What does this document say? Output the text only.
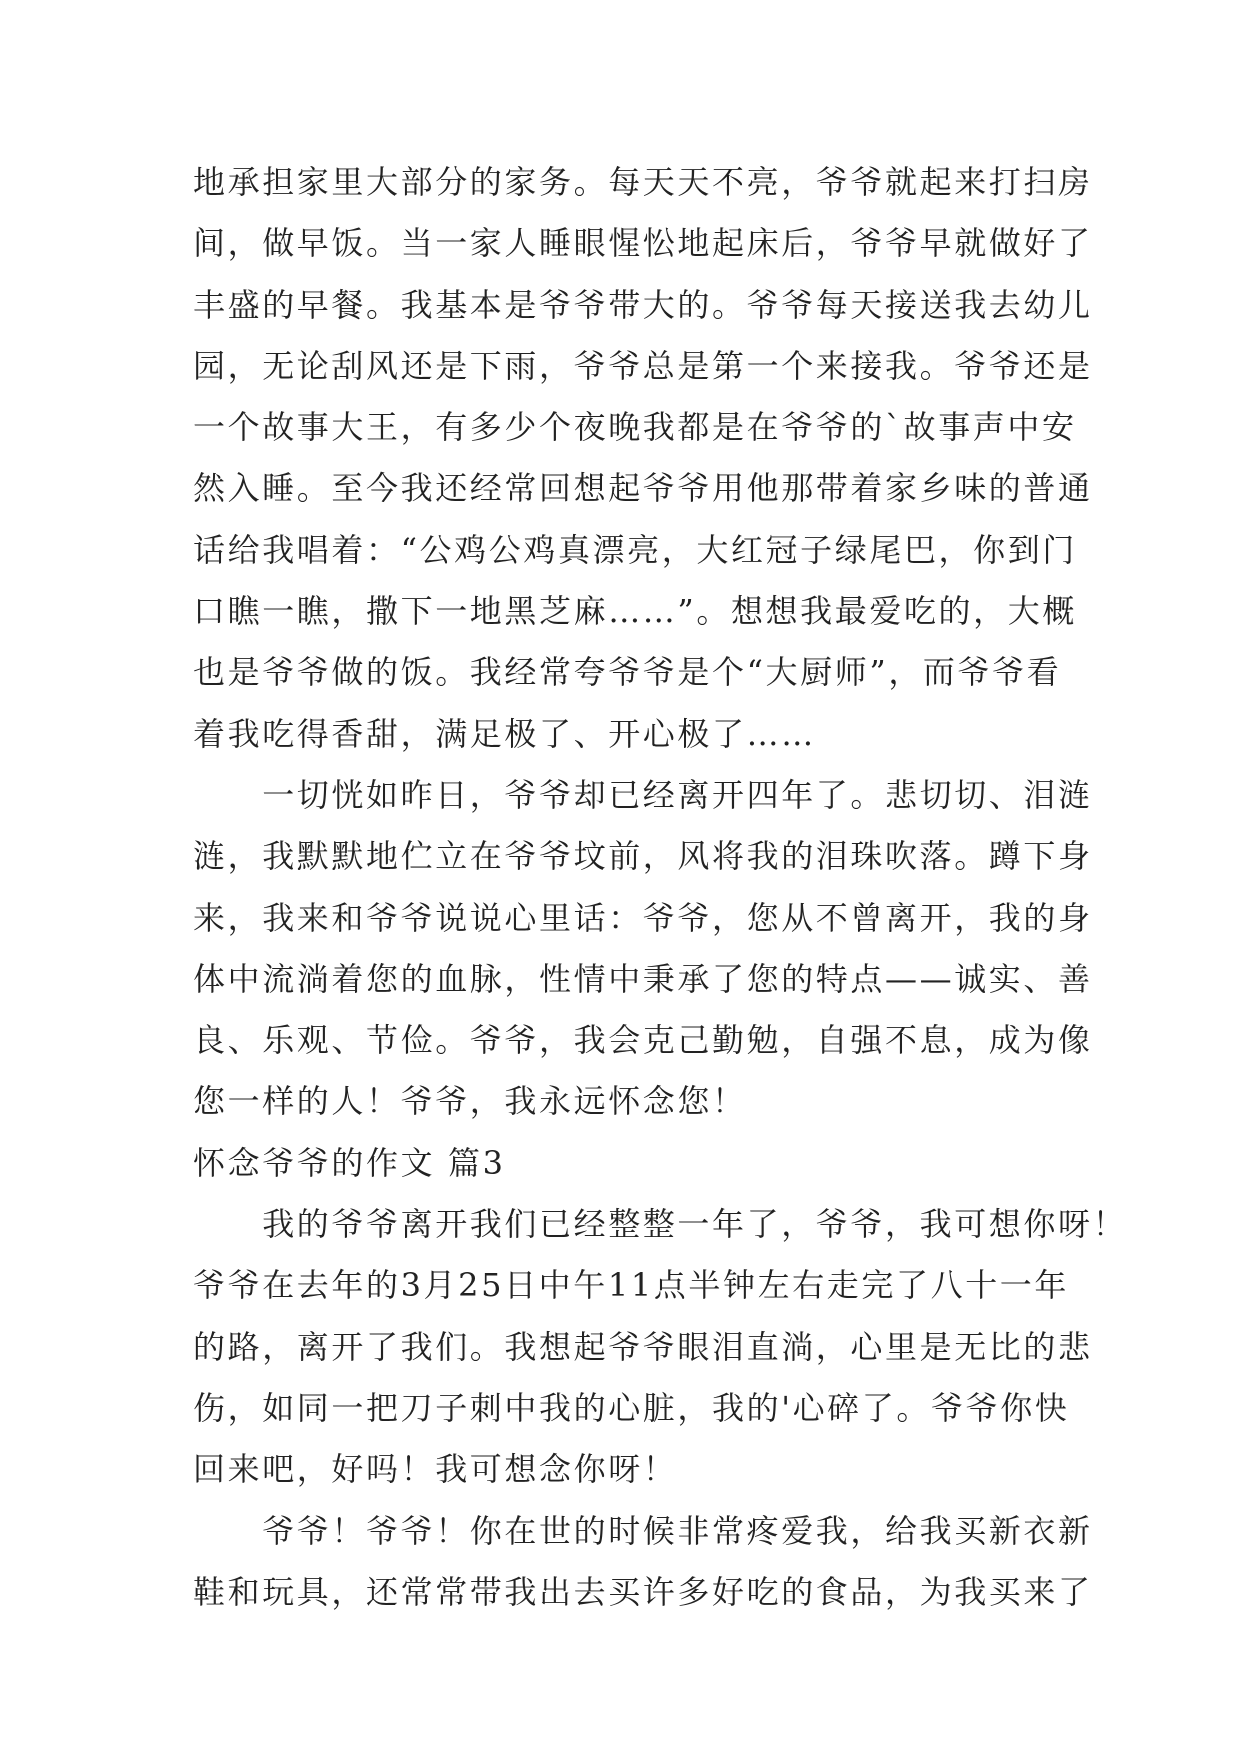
地承担家里大部分的家务。每天天不亮，爷爷就起来打扫房
间，做早饭。当一家人睡眼惺忪地起床后，爷爷早就做好了
丰盛的早餐。我基本是爷爷带大的。爷爷每天接送我去幼儿
园，无论刮风还是下雨，爷爷总是第一个来接我。爷爷还是
一个故事大王，有多少个夜晚我都是在爷爷的`故事声中安
然入睡。至今我还经常回想起爷爷用他那带着家乡味的普通
话给我唱着：“公鸡公鸡真漂亮，大红冠子绿尾巴，你到门
口瞧一瞧，撒下一地黑芝麻……”。想想我最爱吃的，大概
也是爷爷做的饭。我经常夸爷爷是个“大厨师”，而爷爷看
着我吃得香甜，满足极了、开心极了……
　　一切恍如昨日，爷爷却已经离开四年了。悲切切、泪涟
涟，我默默地伫立在爷爷坟前，风将我的泪珠吹落。蹲下身
来，我来和爷爷说说心里话：爷爷，您从不曾离开，我的身
体中流淌着您的血脉，性情中秉承了您的特点——诚实、善
良、乐观、节俭。爷爷，我会克己勤勉，自强不息，成为像
您一样的人！爷爷，我永远怀念您！
怀念爷爷的作文 篇3
　　我的爷爷离开我们已经整整一年了，爷爷，我可想你呀！
爷爷在去年的3月25日中午11点半钟左右走完了八十一年
的路，离开了我们。我想起爷爷眼泪直淌，心里是无比的悲
伤，如同一把刀子刺中我的心脏，我的'心碎了。爷爷你快
回来吧，好吗！我可想念你呀！
　　爷爷！爷爷！你在世的时候非常疼爱我，给我买新衣新
鞋和玩具，还常常带我出去买许多好吃的食品，为我买来了
